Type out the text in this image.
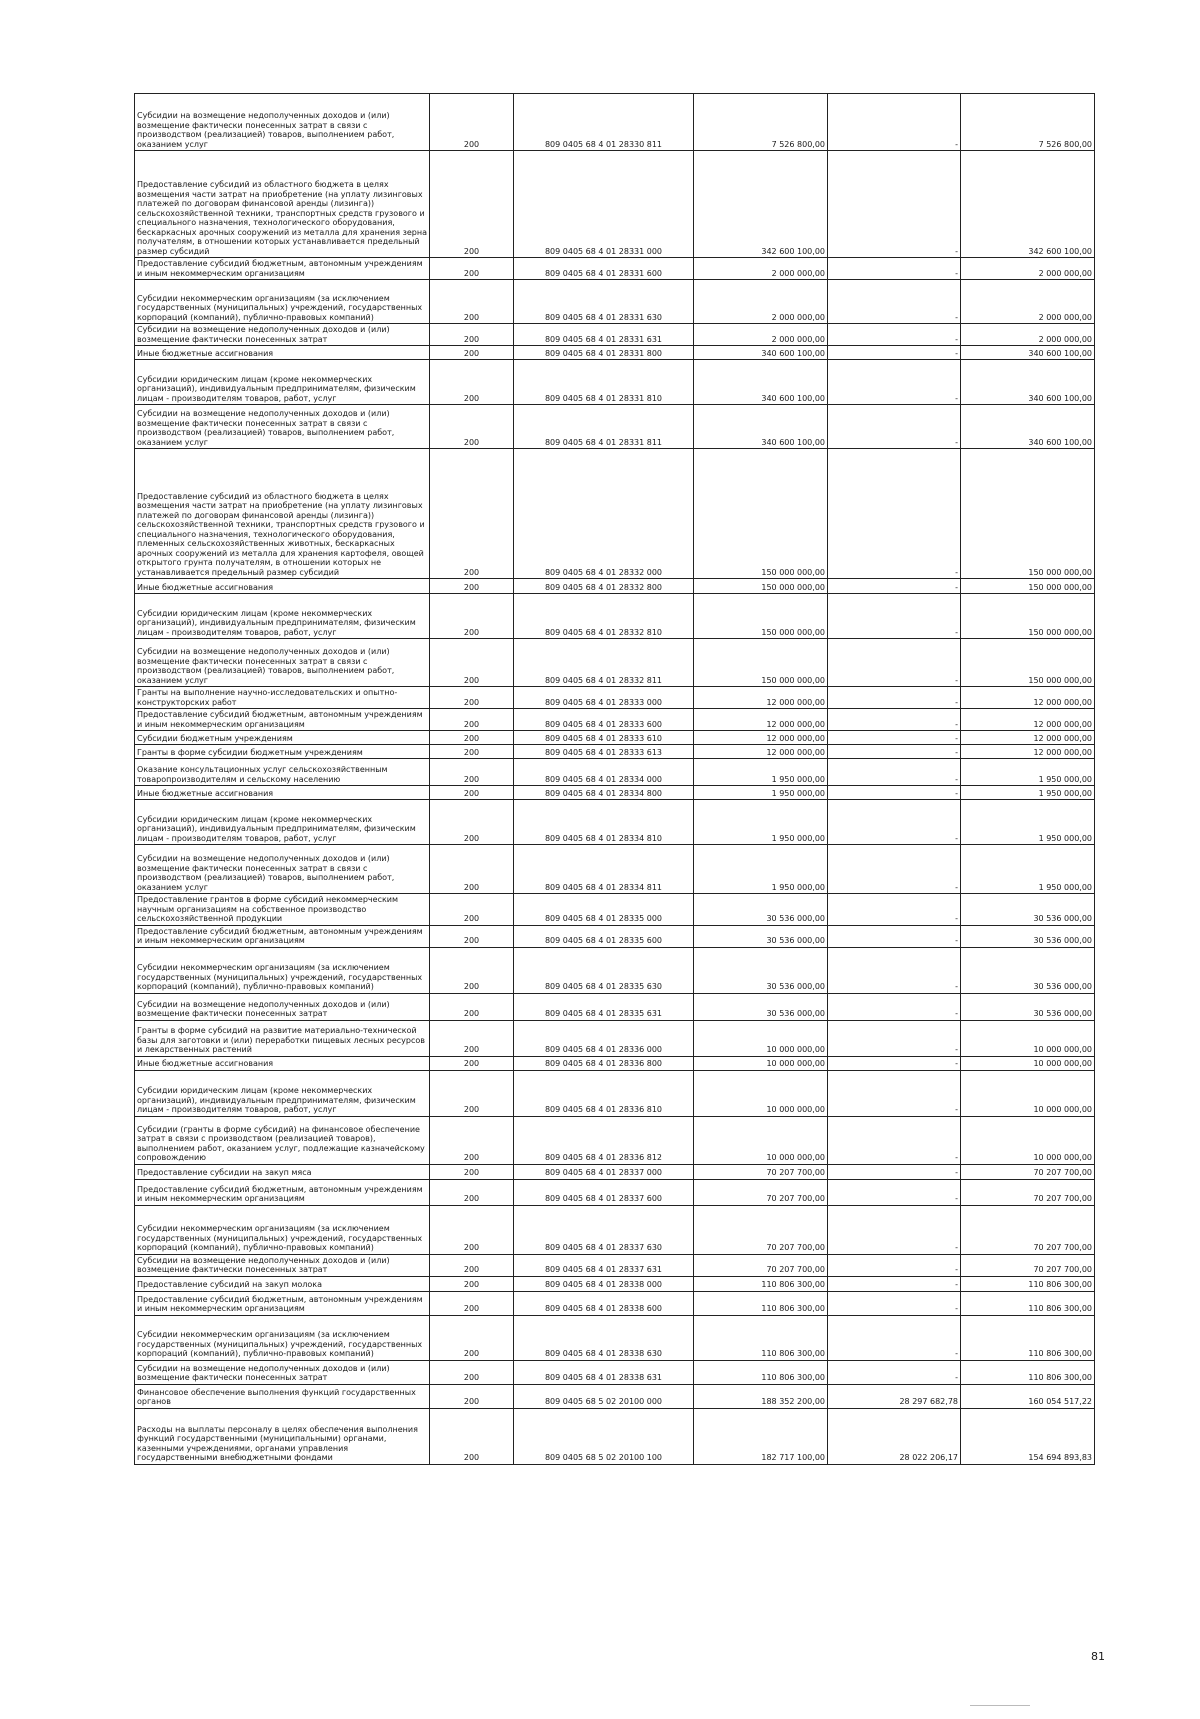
Субсидии на возмещение недополученных доходов и (или) возмещение фактически понесенных затрат в связи с производством (реализацией) товаров, выполнением работ, оказанием услуг	200	809 0405 68 4 01 28330 811	7 526 800,00	-	7 526 800,00
Предоставление субсидий из областного бюджета в целях возмещения части затрат на приобретение (на уплату лизинговых платежей по договорам финансовой аренды (лизинга)) сельскохозяйственной техники, транспортных средств грузового и специального назначения, технологического оборудования, бескаркасных арочных сооружений из металла для хранения зерна получателям, в отношении которых устанавливается предельный размер субсидий	200	809 0405 68 4 01 28331 000	342 600 100,00	-	342 600 100,00
Предоставление субсидий бюджетным, автономным учреждениям и иным некоммерческим организациям	200	809 0405 68 4 01 28331 600	2 000 000,00	-	2 000 000,00
Субсидии некоммерческим организациям (за исключением государственных (муниципальных) учреждений, государственных корпораций (компаний), публично-правовых компаний)	200	809 0405 68 4 01 28331 630	2 000 000,00	-	2 000 000,00
Субсидии на возмещение недополученных доходов и (или) возмещение фактически понесенных затрат	200	809 0405 68 4 01 28331 631	2 000 000,00	-	2 000 000,00
Иные бюджетные ассигнования	200	809 0405 68 4 01 28331 800	340 600 100,00	-	340 600 100,00
Субсидии юридическим лицам (кроме некоммерческих организаций), индивидуальным предпринимателям, физическим лицам - производителям товаров, работ, услуг	200	809 0405 68 4 01 28331 810	340 600 100,00	-	340 600 100,00
Субсидии на возмещение недополученных доходов и (или) возмещение фактически понесенных затрат в связи с производством (реализацией) товаров, выполнением работ, оказанием услуг	200	809 0405 68 4 01 28331 811	340 600 100,00	-	340 600 100,00
Предоставление субсидий из областного бюджета в целях возмещения части затрат на приобретение (на уплату лизинговых платежей по договорам финансовой аренды (лизинга)) сельскохозяйственной техники, транспортных средств грузового и специального назначения, технологического оборудования, племенных сельскохозяйственных животных, бескаркасных арочных сооружений из металла для хранения картофеля, овощей открытого грунта получателям, в отношении которых не устанавливается предельный размер субсидий	200	809 0405 68 4 01 28332 000	150 000 000,00	-	150 000 000,00
Иные бюджетные ассигнования	200	809 0405 68 4 01 28332 800	150 000 000,00	-	150 000 000,00
Субсидии юридическим лицам (кроме некоммерческих организаций), индивидуальным предпринимателям, физическим лицам - производителям товаров, работ, услуг	200	809 0405 68 4 01 28332 810	150 000 000,00	-	150 000 000,00
Субсидии на возмещение недополученных доходов и (или) возмещение фактически понесенных затрат в связи с производством (реализацией) товаров, выполнением работ, оказанием услуг	200	809 0405 68 4 01 28332 811	150 000 000,00	-	150 000 000,00
Гранты на выполнение научно-исследовательских и опытно-конструкторских работ	200	809 0405 68 4 01 28333 000	12 000 000,00	-	12 000 000,00
Предоставление субсидий бюджетным, автономным учреждениям и иным некоммерческим организациям	200	809 0405 68 4 01 28333 600	12 000 000,00	-	12 000 000,00
Субсидии бюджетным учреждениям	200	809 0405 68 4 01 28333 610	12 000 000,00	-	12 000 000,00
Гранты в форме субсидии бюджетным учреждениям	200	809 0405 68 4 01 28333 613	12 000 000,00	-	12 000 000,00
Оказание консультационных услуг сельскохозяйственным товаропроизводителям и сельскому населению	200	809 0405 68 4 01 28334 000	1 950 000,00	-	1 950 000,00
Иные бюджетные ассигнования	200	809 0405 68 4 01 28334 800	1 950 000,00	-	1 950 000,00
Субсидии юридическим лицам (кроме некоммерческих организаций), индивидуальным предпринимателям, физическим лицам - производителям товаров, работ, услуг	200	809 0405 68 4 01 28334 810	1 950 000,00	-	1 950 000,00
Субсидии на возмещение недополученных доходов и (или) возмещение фактически понесенных затрат в связи с производством (реализацией) товаров, выполнением работ, оказанием услуг	200	809 0405 68 4 01 28334 811	1 950 000,00	-	1 950 000,00
Предоставление грантов в форме субсидий некоммерческим научным организациям на собственное производство сельскохозяйственной продукции	200	809 0405 68 4 01 28335 000	30 536 000,00	-	30 536 000,00
Предоставление субсидий бюджетным, автономным учреждениям и иным некоммерческим организациям	200	809 0405 68 4 01 28335 600	30 536 000,00	-	30 536 000,00
Субсидии некоммерческим организациям (за исключением государственных (муниципальных) учреждений, государственных корпораций (компаний), публично-правовых компаний)	200	809 0405 68 4 01 28335 630	30 536 000,00	-	30 536 000,00
Субсидии на возмещение недополученных доходов и (или) возмещение фактически понесенных затрат	200	809 0405 68 4 01 28335 631	30 536 000,00	-	30 536 000,00
Гранты в форме субсидий на развитие материально-технической базы для заготовки и (или) переработки пищевых лесных ресурсов и лекарственных растений	200	809 0405 68 4 01 28336 000	10 000 000,00	-	10 000 000,00
Иные бюджетные ассигнования	200	809 0405 68 4 01 28336 800	10 000 000,00	-	10 000 000,00
Субсидии юридическим лицам (кроме некоммерческих организаций), индивидуальным предпринимателям, физическим лицам - производителям товаров, работ, услуг	200	809 0405 68 4 01 28336 810	10 000 000,00	-	10 000 000,00
Субсидии (гранты в форме субсидий) на финансовое обеспечение затрат в связи с производством (реализацией товаров), выполнением работ, оказанием услуг, подлежащие казначейскому сопровождению	200	809 0405 68 4 01 28336 812	10 000 000,00	-	10 000 000,00
Предоставление субсидии на закуп мяса	200	809 0405 68 4 01 28337 000	70 207 700,00	-	70 207 700,00
Предоставление субсидий бюджетным, автономным учреждениям и иным некоммерческим организациям	200	809 0405 68 4 01 28337 600	70 207 700,00	-	70 207 700,00
Субсидии некоммерческим организациям (за исключением государственных (муниципальных) учреждений, государственных корпораций (компаний), публично-правовых компаний)	200	809 0405 68 4 01 28337 630	70 207 700,00	-	70 207 700,00
Субсидии на возмещение недополученных доходов и (или) возмещение фактически понесенных затрат	200	809 0405 68 4 01 28337 631	70 207 700,00	-	70 207 700,00
Предоставление субсидий на закуп молока	200	809 0405 68 4 01 28338 000	110 806 300,00	-	110 806 300,00
Предоставление субсидий бюджетным, автономным учреждениям и иным некоммерческим организациям	200	809 0405 68 4 01 28338 600	110 806 300,00	-	110 806 300,00
Субсидии некоммерческим организациям (за исключением государственных (муниципальных) учреждений, государственных корпораций (компаний), публично-правовых компаний)	200	809 0405 68 4 01 28338 630	110 806 300,00	-	110 806 300,00
Субсидии на возмещение недополученных доходов и (или) возмещение фактически понесенных затрат	200	809 0405 68 4 01 28338 631	110 806 300,00	-	110 806 300,00
Финансовое обеспечение выполнения функций государственных органов	200	809 0405 68 5 02 20100 000	188 352 200,00	28 297 682,78	160 054 517,22
Расходы на выплаты персоналу в целях обеспечения выполнения функций государственными (муниципальными) органами, казенными учреждениями, органами управления государственными внебюджетными фондами	200	809 0405 68 5 02 20100 100	182 717 100,00	28 022 206,17	154 694 893,83
81
